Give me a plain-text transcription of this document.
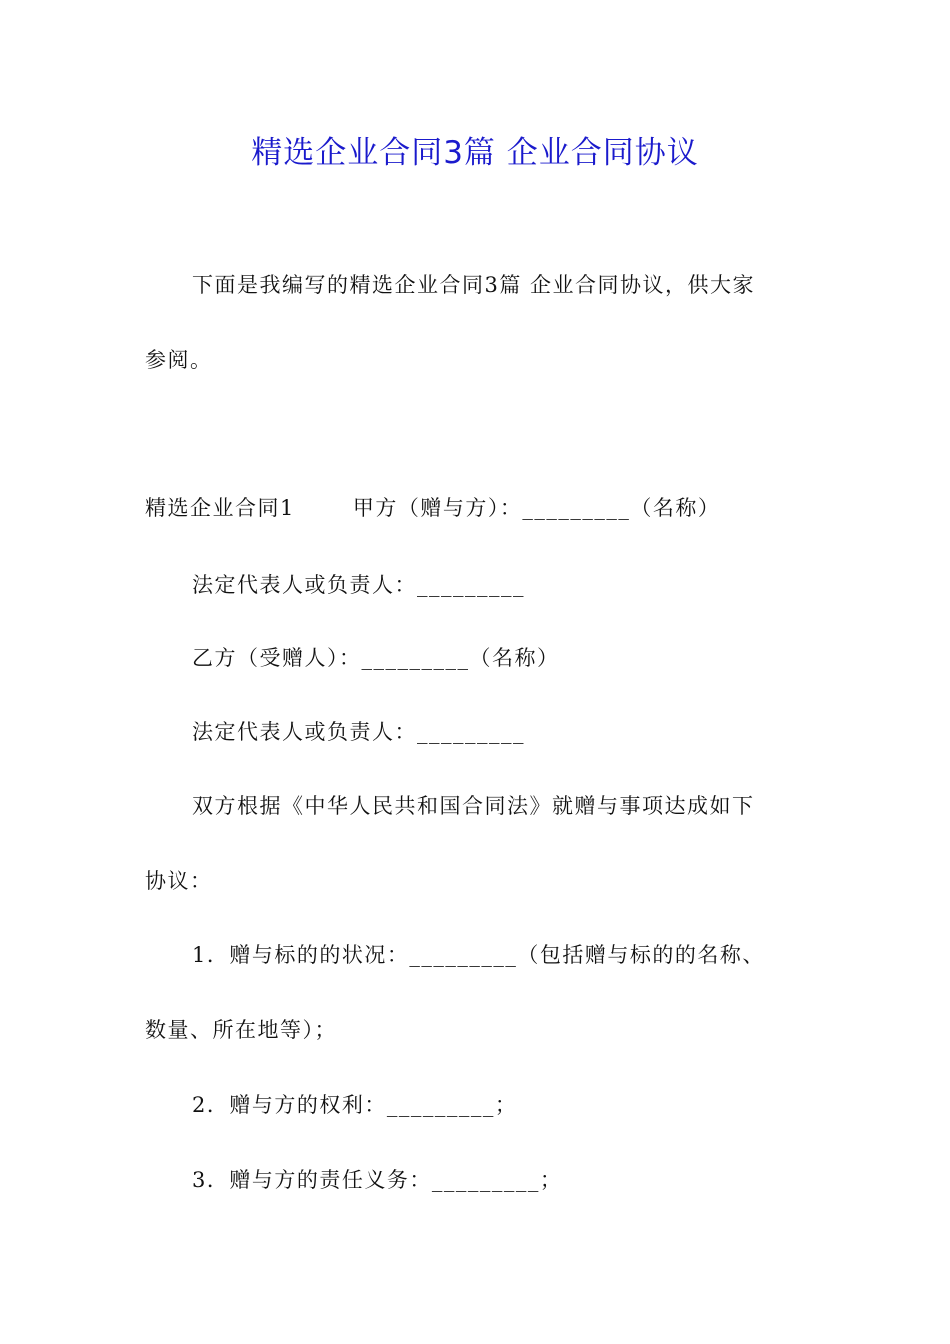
精选企业合同3篇 企业合同协议
下面是我编写的精选企业合同3篇 企业合同协议，供大家
参阅。
精选企业合同1	甲方（赠与方）：_________（名称）
法定代表人或负责人：_________
乙方（受赠人）：_________（名称）
法定代表人或负责人：_________
双方根据《中华人民共和国合同法》就赠与事项达成如下
协议：
1．赠与标的的状况：_________（包括赠与标的的名称、
数量、所在地等）；
2．赠与方的权利：_________；
3．赠与方的责任义务：_________；
